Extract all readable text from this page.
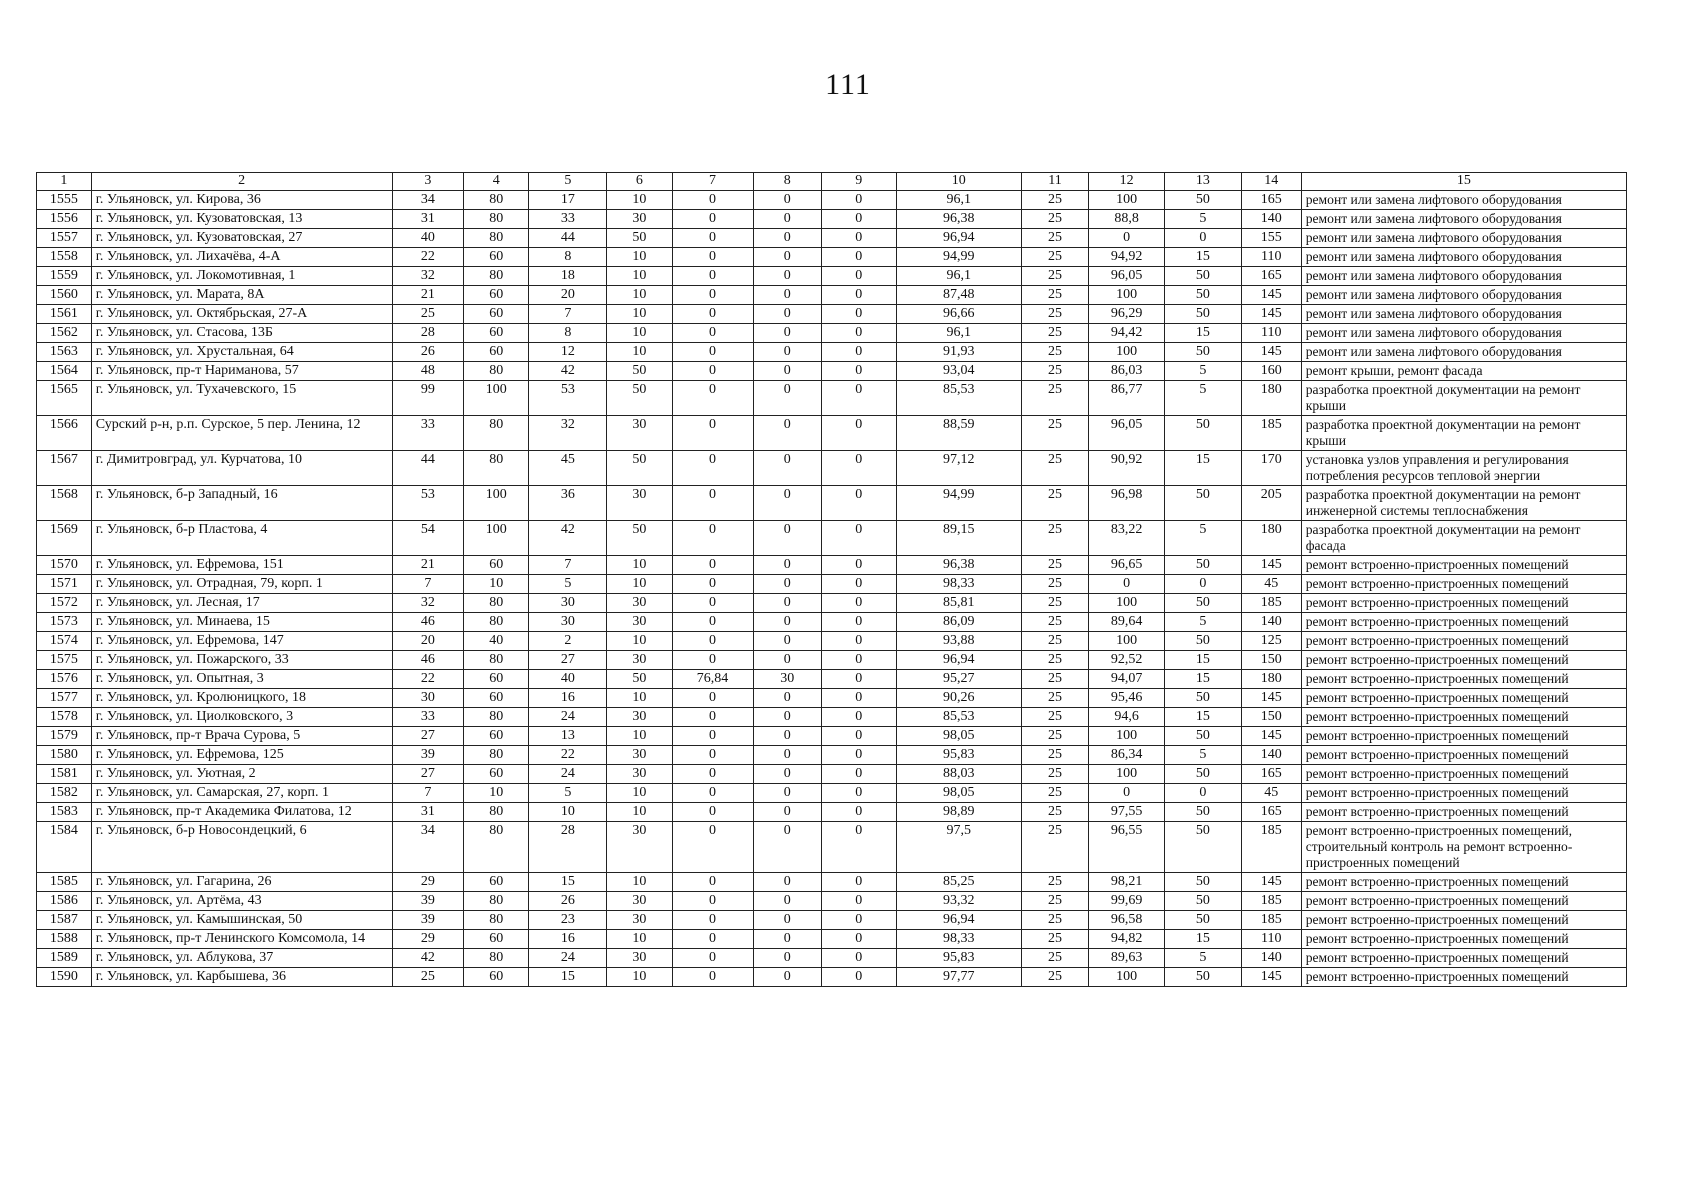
111
1	2	3	4	5	6	7	8	9	10	11	12	13	14	15
1555	г. Ульяновск, ул. Кирова, 36	34	80	17	10	0	0	0	96,1	25	100	50	165	ремонт или замена лифтового оборудования
1556	г. Ульяновск, ул. Кузоватовская, 13	31	80	33	30	0	0	0	96,38	25	88,8	5	140	ремонт или замена лифтового оборудования
1557	г. Ульяновск, ул. Кузоватовская, 27	40	80	44	50	0	0	0	96,94	25	0	0	155	ремонт или замена лифтового оборудования
1558	г. Ульяновск, ул. Лихачёва, 4-А	22	60	8	10	0	0	0	94,99	25	94,92	15	110	ремонт или замена лифтового оборудования
1559	г. Ульяновск, ул. Локомотивная, 1	32	80	18	10	0	0	0	96,1	25	96,05	50	165	ремонт или замена лифтового оборудования
1560	г. Ульяновск, ул. Марата, 8А	21	60	20	10	0	0	0	87,48	25	100	50	145	ремонт или замена лифтового оборудования
1561	г. Ульяновск, ул. Октябрьская, 27-А	25	60	7	10	0	0	0	96,66	25	96,29	50	145	ремонт или замена лифтового оборудования
1562	г. Ульяновск, ул. Стасова, 13Б	28	60	8	10	0	0	0	96,1	25	94,42	15	110	ремонт или замена лифтового оборудования
1563	г. Ульяновск, ул. Хрустальная, 64	26	60	12	10	0	0	0	91,93	25	100	50	145	ремонт или замена лифтового оборудования
1564	г. Ульяновск, пр-т Нариманова, 57	48	80	42	50	0	0	0	93,04	25	86,03	5	160	ремонт крыши, ремонт фасада
1565	г. Ульяновск, ул. Тухачевского, 15	99	100	53	50	0	0	0	85,53	25	86,77	5	180	разработка проектной документации на ремонт крыши
1566	Сурский р-н, р.п. Сурское, 5 пер. Ленина, 12	33	80	32	30	0	0	0	88,59	25	96,05	50	185	разработка проектной документации на ремонт крыши
1567	г. Димитровград, ул. Курчатова, 10	44	80	45	50	0	0	0	97,12	25	90,92	15	170	установка узлов управления и регулирования потребления ресурсов тепловой энергии
1568	г. Ульяновск, б-р Западный, 16	53	100	36	30	0	0	0	94,99	25	96,98	50	205	разработка проектной документации на ремонт инженерной системы теплоснабжения
1569	г. Ульяновск, б-р Пластова, 4	54	100	42	50	0	0	0	89,15	25	83,22	5	180	разработка проектной документации на ремонт фасада
1570	г. Ульяновск, ул. Ефремова, 151	21	60	7	10	0	0	0	96,38	25	96,65	50	145	ремонт встроенно-пристроенных помещений
1571	г. Ульяновск, ул. Отрадная, 79, корп. 1	7	10	5	10	0	0	0	98,33	25	0	0	45	ремонт встроенно-пристроенных помещений
1572	г. Ульяновск, ул. Лесная, 17	32	80	30	30	0	0	0	85,81	25	100	50	185	ремонт встроенно-пристроенных помещений
1573	г. Ульяновск, ул. Минаева, 15	46	80	30	30	0	0	0	86,09	25	89,64	5	140	ремонт встроенно-пристроенных помещений
1574	г. Ульяновск, ул. Ефремова, 147	20	40	2	10	0	0	0	93,88	25	100	50	125	ремонт встроенно-пристроенных помещений
1575	г. Ульяновск, ул. Пожарского, 33	46	80	27	30	0	0	0	96,94	25	92,52	15	150	ремонт встроенно-пристроенных помещений
1576	г. Ульяновск, ул. Опытная, 3	22	60	40	50	76,84	30	0	95,27	25	94,07	15	180	ремонт встроенно-пристроенных помещений
1577	г. Ульяновск, ул. Кролюницкого, 18	30	60	16	10	0	0	0	90,26	25	95,46	50	145	ремонт встроенно-пристроенных помещений
1578	г. Ульяновск, ул. Циолковского, 3	33	80	24	30	0	0	0	85,53	25	94,6	15	150	ремонт встроенно-пристроенных помещений
1579	г. Ульяновск, пр-т Врача Сурова, 5	27	60	13	10	0	0	0	98,05	25	100	50	145	ремонт встроенно-пристроенных помещений
1580	г. Ульяновск, ул. Ефремова, 125	39	80	22	30	0	0	0	95,83	25	86,34	5	140	ремонт встроенно-пристроенных помещений
1581	г. Ульяновск, ул. Уютная, 2	27	60	24	30	0	0	0	88,03	25	100	50	165	ремонт встроенно-пристроенных помещений
1582	г. Ульяновск, ул. Самарская, 27, корп. 1	7	10	5	10	0	0	0	98,05	25	0	0	45	ремонт встроенно-пристроенных помещений
1583	г. Ульяновск, пр-т Академика Филатова, 12	31	80	10	10	0	0	0	98,89	25	97,55	50	165	ремонт встроенно-пристроенных помещений
1584	г. Ульяновск, б-р Новосондецкий, 6	34	80	28	30	0	0	0	97,5	25	96,55	50	185	ремонт встроенно-пристроенных помещений, строительный контроль на ремонт встроенно-пристроенных помещений
1585	г. Ульяновск, ул. Гагарина, 26	29	60	15	10	0	0	0	85,25	25	98,21	50	145	ремонт встроенно-пристроенных помещений
1586	г. Ульяновск, ул. Артёма, 43	39	80	26	30	0	0	0	93,32	25	99,69	50	185	ремонт встроенно-пристроенных помещений
1587	г. Ульяновск, ул. Камышинская, 50	39	80	23	30	0	0	0	96,94	25	96,58	50	185	ремонт встроенно-пристроенных помещений
1588	г. Ульяновск, пр-т Ленинского Комсомола, 14	29	60	16	10	0	0	0	98,33	25	94,82	15	110	ремонт встроенно-пристроенных помещений
1589	г. Ульяновск, ул. Аблукова, 37	42	80	24	30	0	0	0	95,83	25	89,63	5	140	ремонт встроенно-пристроенных помещений
1590	г. Ульяновск, ул. Карбышева, 36	25	60	15	10	0	0	0	97,77	25	100	50	145	ремонт встроенно-пристроенных помещений
